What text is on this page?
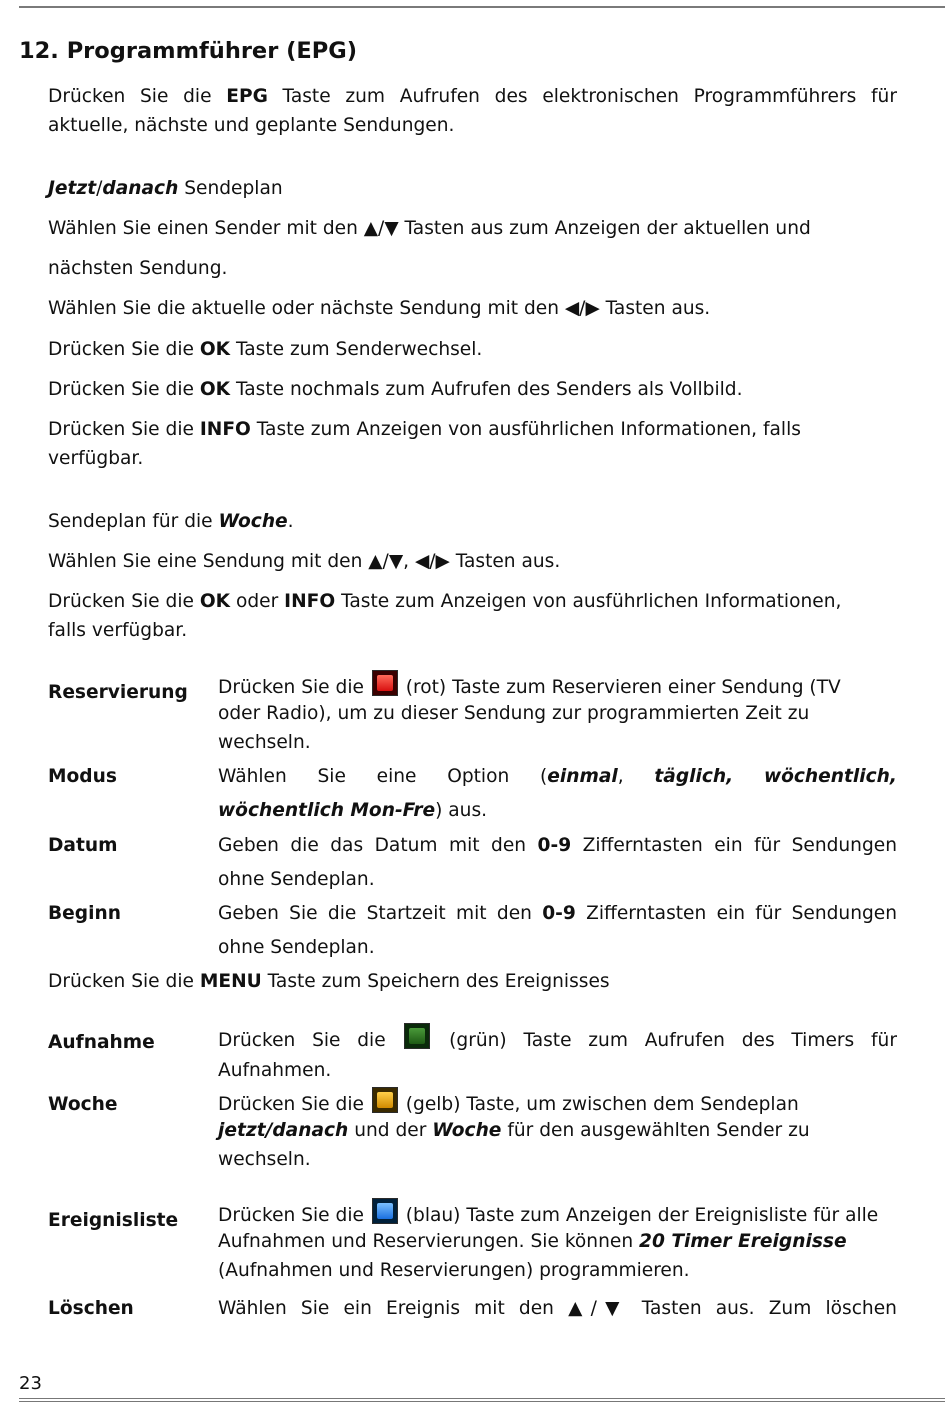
12. Programmführer (EPG)
Drücken Sie die EPG Taste zum Aufrufen des elektronischen Programmführers für
aktuelle, nächste und geplante Sendungen.
Jetzt/danach Sendeplan
Wählen Sie einen Sender mit den ▲/▼ Tasten aus zum Anzeigen der aktuellen und
nächsten Sendung.
Wählen Sie die aktuelle oder nächste Sendung mit den ◀/▶ Tasten aus.
Drücken Sie die OK Taste zum Senderwechsel.
Drücken Sie die OK Taste nochmals zum Aufrufen des Senders als Vollbild.
Drücken Sie die INFO Taste zum Anzeigen von ausführlichen Informationen, falls
verfügbar.
Sendeplan für die Woche.
Wählen Sie eine Sendung mit den ▲/▼, ◀/▶ Tasten aus.
Drücken Sie die OK oder INFO Taste zum Anzeigen von ausführlichen Informationen,
falls verfügbar.
Reservierung Drücken Sie die  (rot) Taste zum Reservieren einer Sendung (TV
oder Radio), um zu dieser Sendung zur programmierten Zeit zu
wechseln.
Modus	Wählen Sie eine Option (einmal, täglich, wöchentlich,
wöchentlich Mon-Fre) aus.
Datum	Geben die das Datum mit den 0-9 Zifferntasten ein für Sendungen
ohne Sendeplan.
Beginn	Geben Sie die Startzeit mit den 0-9 Zifferntasten ein für Sendungen
ohne Sendeplan.
Drücken Sie die MENU Taste zum Speichern des Ereignisses
Aufnahme	Drücken Sie die	(grün) Taste zum Aufrufen des Timers für
Aufnahmen.
Woche	Drücken Sie die  (gelb) Taste, um zwischen dem Sendeplan
jetzt/danach und der Woche für den ausgewählten Sender zu
wechseln.
Ereignisliste Drücken Sie die  (blau) Taste zum Anzeigen der Ereignisliste für alle
Aufnahmen und Reservierungen. Sie können 20 Timer Ereignisse
(Aufnahmen und Reservierungen) programmieren.
Löschen	Wählen Sie ein Ereignis mit den ▲/▼ Tasten aus. Zum löschen
23
